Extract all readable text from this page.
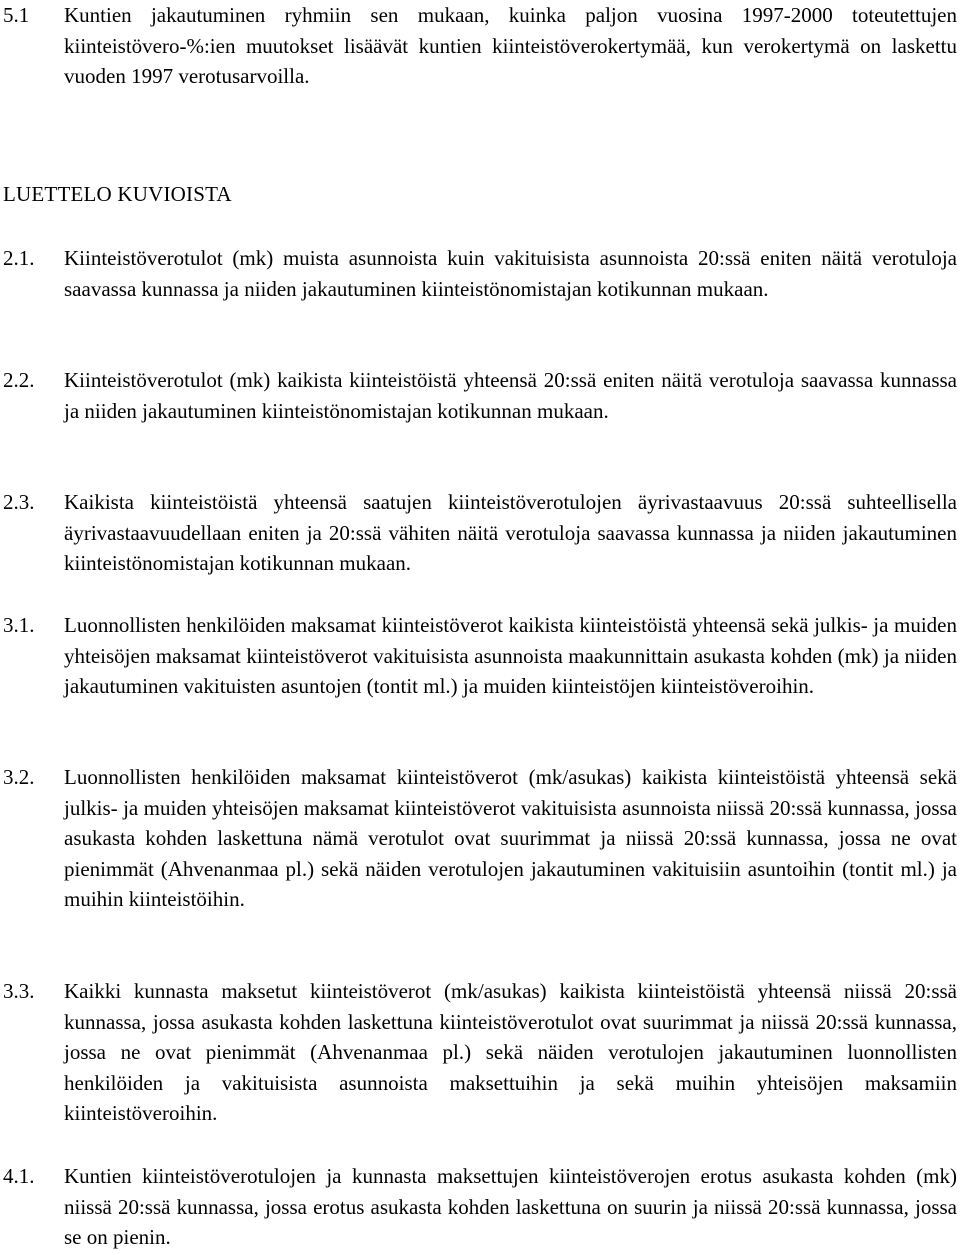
5.1 Kuntien jakautuminen ryhmiin sen mukaan, kuinka paljon vuosina 1997-2000 toteutettujen kiinteistövero-%:ien muutokset lisäävät kuntien kiinteistöverokertymää, kun verokertymä on laskettu vuoden 1997 verotusarvoilla.
LUETTELO KUVIOISTA
2.1. Kiinteistöverotulot (mk) muista asunnoista kuin vakituisista asunnoista 20:ssä eniten näitä verotuloja saavassa kunnassa ja niiden jakautuminen kiinteistönomistajan kotikunnan mukaan.
2.2. Kiinteistöverotulot (mk) kaikista kiinteistöistä yhteensä 20:ssä eniten näitä verotuloja saavassa kunnassa ja niiden jakautuminen kiinteistönomistajan kotikunnan mukaan.
2.3. Kaikista kiinteistöistä yhteensä saatujen kiinteistöverotulojen äyrivastaavuus 20:ssä suhteellisella äyrivastaavuudellaan eniten ja 20:ssä vähiten näitä verotuloja saavassa kunnassa ja niiden jakautuminen kiinteistönomistajan kotikunnan mukaan.
3.1. Luonnollisten henkilöiden maksamat kiinteistöverot kaikista kiinteistöistä yhteensä sekä julkis- ja muiden yhteisöjen maksamat kiinteistöverot vakituisista asunnoista maakunnittain asukasta kohden (mk) ja niiden jakautuminen vakituisten asuntojen (tontit ml.) ja muiden kiinteistöjen kiinteistöveroihin.
3.2. Luonnollisten henkilöiden maksamat kiinteistöverot (mk/asukas) kaikista kiinteistöistä yhteensä sekä julkis- ja muiden yhteisöjen maksamat kiinteistöverot vakituisista asunnoista niissä 20:ssä kunnassa, jossa asukasta kohden laskettuna nämä verotulot ovat suurimmat ja niissä 20:ssä kunnassa, jossa ne ovat pienimmät (Ahvenanmaa pl.) sekä näiden verotulojen jakautuminen vakituisiin asuntoihin (tontit ml.) ja muihin kiinteistöihin.
3.3. Kaikki kunnasta maksetut kiinteistöverot (mk/asukas) kaikista kiinteistöistä yhteensä niissä 20:ssä kunnassa, jossa asukasta kohden laskettuna kiinteistöverotulot ovat suurimmat ja niissä 20:ssä kunnassa, jossa ne ovat pienimmät (Ahvenanmaa pl.) sekä näiden verotulojen jakautuminen luonnollisten henkilöiden ja vakituisista asunnoista maksettuihin ja sekä muihin yhteisöjen maksamiin kiinteistöveroihin.
4.1. Kuntien kiinteistöverotulojen ja kunnasta maksettujen kiinteistöverojen erotus asukasta kohden (mk) niissä 20:ssä kunnassa, jossa erotus asukasta kohden laskettuna on suurin ja niissä 20:ssä kunnassa, jossa se on pienin.
